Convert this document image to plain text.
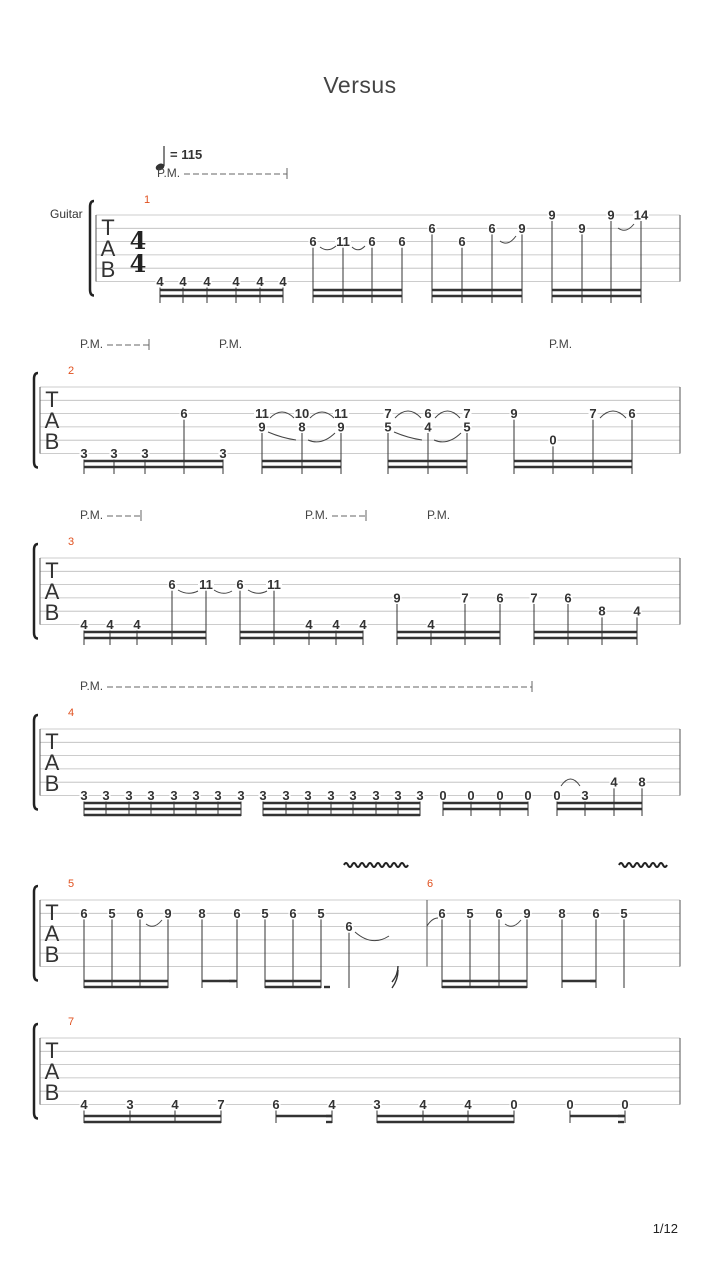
Versus
= 115
Guitar
T
A
B
4
4
1
P.M.
4 4 4 4 4 4
6 11 6 6
6
6
6 9
9
9
9 14
T
A
B
2
P.M.	P.M.	P.M.
3 3 3
6
3
11
9
10
8
11
9
7
5
6
4
7
5
9
0
7 6
T
A
B
3
P.M.	P.M.	P.M.
4 4 4
6 11 6 11
4 4 4
9
4
7 6 7 6
8 4
T
A
B
4
P.M.
3 3 3 3 3 3 3 3 3 3 3 3 3 3 3 3 0 0 0 0 0 3
4 8
T
A
B
5	6
6 5 6 9 8 6 5 6 5
6
6 5 6 9 8 6 5
T
A
B
7
4	3	4	7	6	4	3	4	4	0	0	0
1/12
